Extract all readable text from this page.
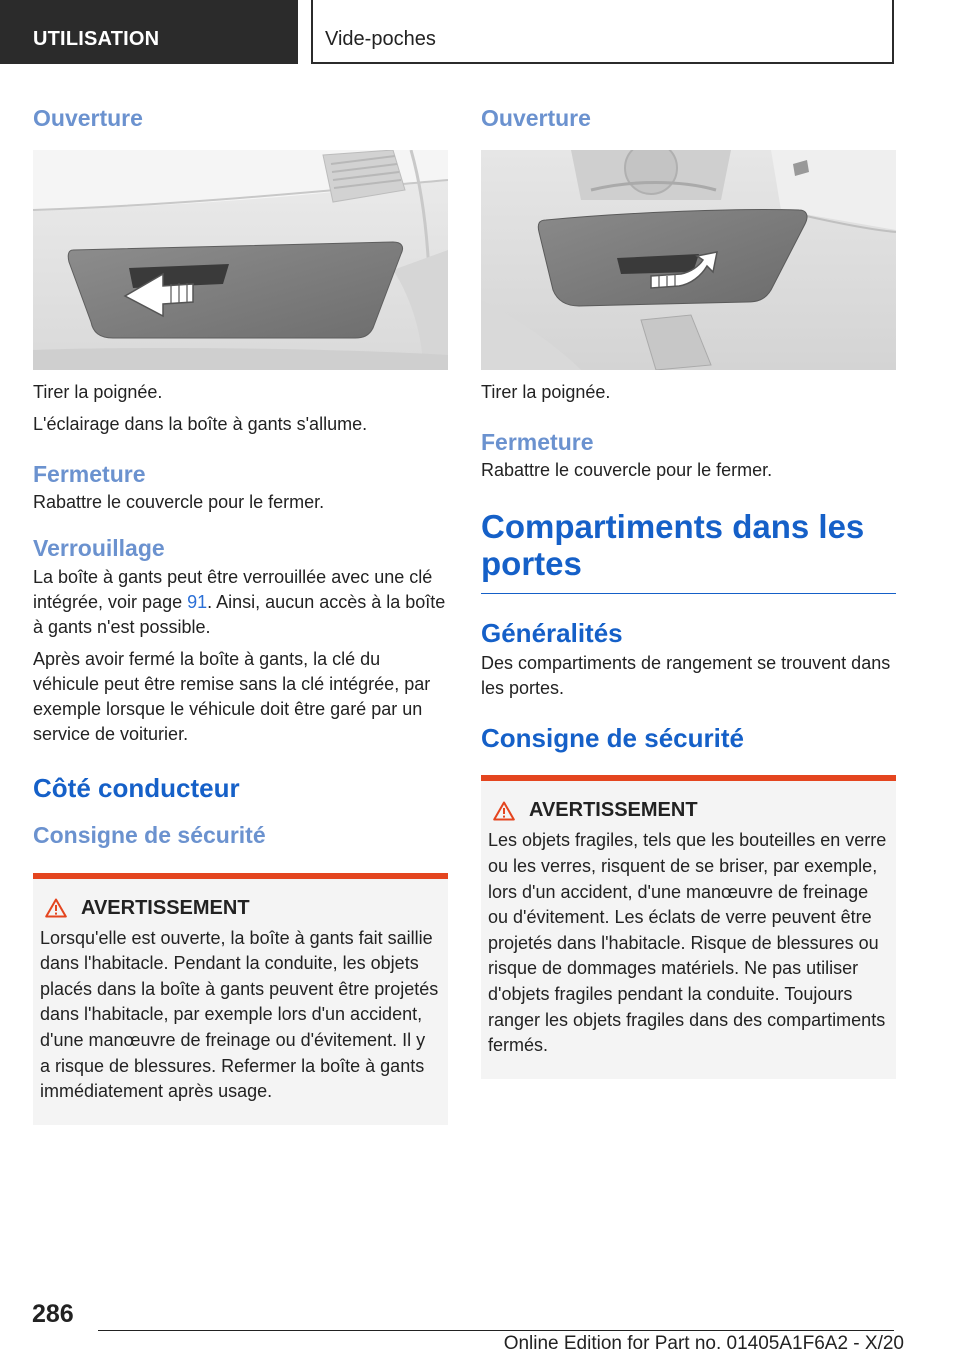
UTILISATION	Vide-poches
Ouverture

Tirer la poignée.

L'éclairage dans la boîte à gants s'allume.

Fermeture

Rabattre le couvercle pour le fermer.

Verrouillage

La boîte à gants peut être verrouillée avec une clé intégrée, voir page 91. Ainsi, aucun accès à la boîte à gants n'est possible.

Après avoir fermé la boîte à gants, la clé du véhicule peut être remise sans la clé intégrée, par exemple lorsque le véhicule doit être garé par un service de voiturier.

Côté conducteur
Consigne de sécurité
AVERTISSEMENT

Lorsqu'elle est ouverte, la boîte à gants fait saillie dans l'habitacle. Pendant la conduite, les objets placés dans la boîte à gants peuvent être projetés dans l'habitacle, par exemple lors d'un accident, d'une manœuvre de freinage ou d'évitement. Il y a risque de blessures. Refermer la boîte à gants immédiatement après usage.

Ouverture

Tirer la poignée.

Fermeture

Rabattre le couvercle pour le fermer.

Compartiments dans les portes
Généralités

Des compartiments de rangement se trouvent dans les portes.

Consigne de sécurité
AVERTISSEMENT

Les objets fragiles, tels que les bouteilles en verre ou les verres, risquent de se briser, par exemple, lors d'un accident, d'une manœuvre de freinage ou d'évitement. Les éclats de verre peuvent être projetés dans l'habitacle. Risque de blessures ou risque de dommages matériels. Ne pas utiliser d'objets fragiles pendant la conduite. Toujours ranger les objets fragiles dans des compartiments fermés.

286
Online Edition for Part no. 01405A1F6A2 - X/20
